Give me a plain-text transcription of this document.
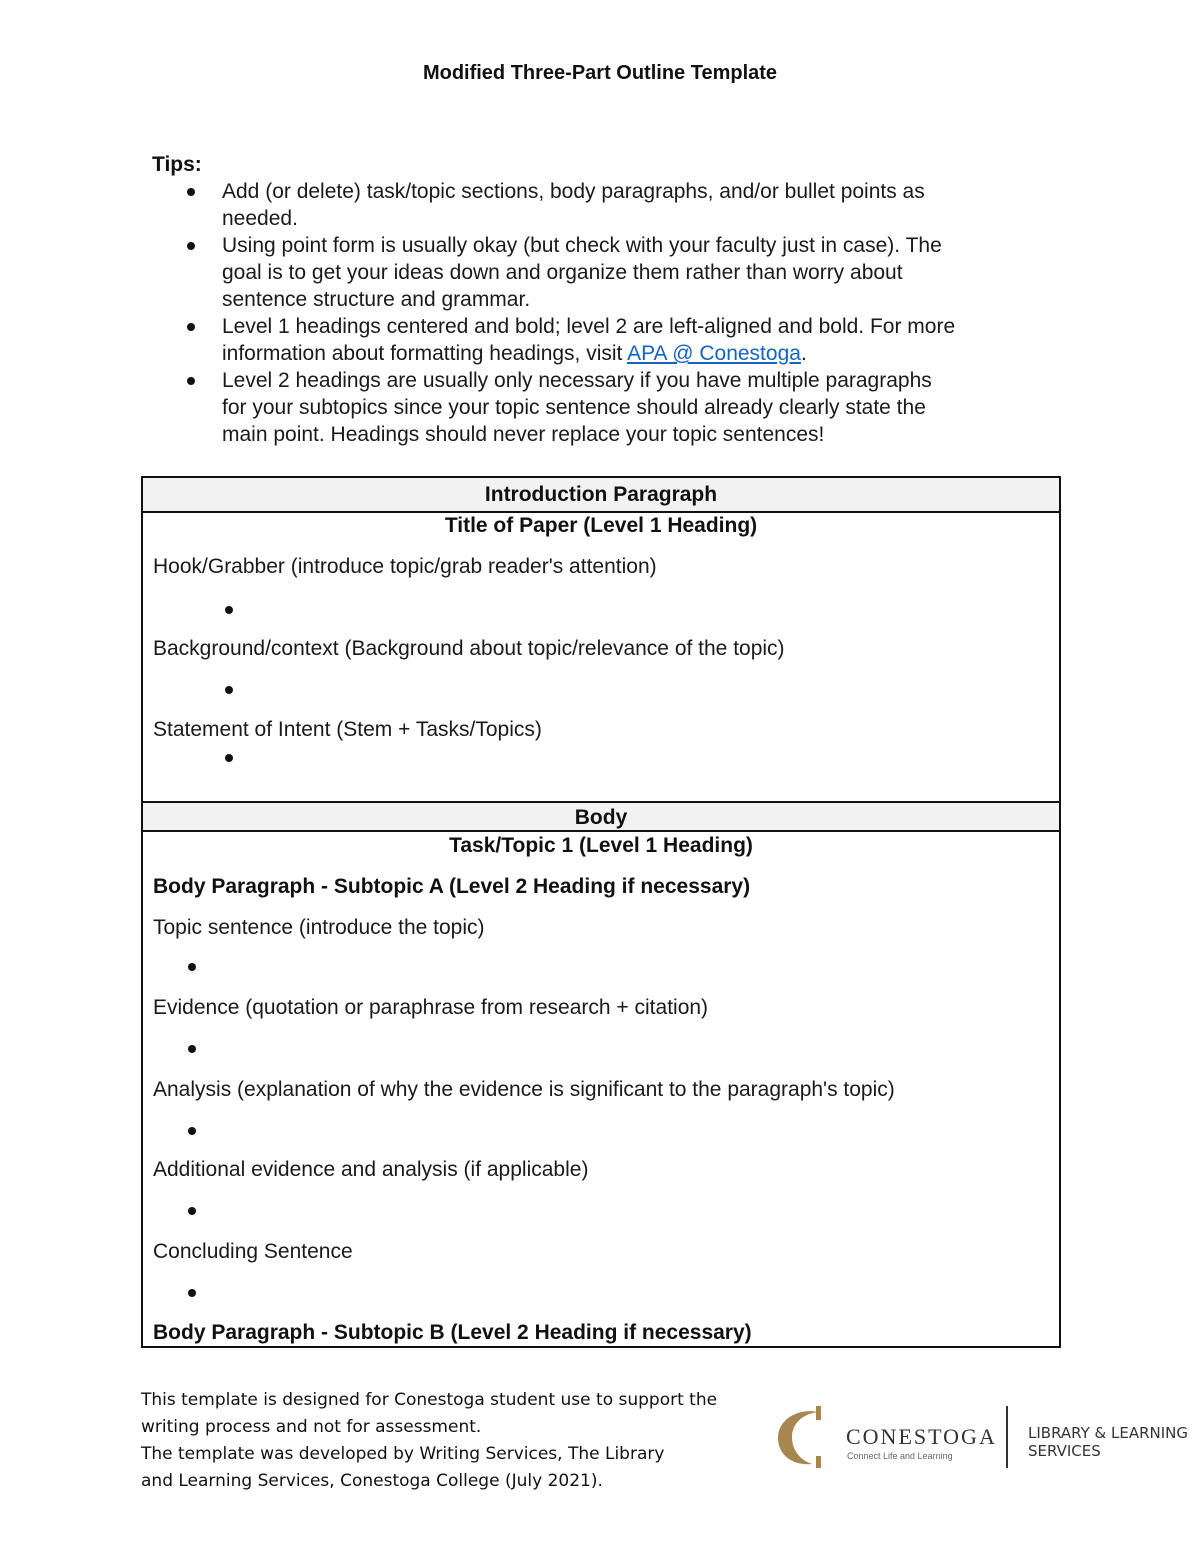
Modified Three-Part Outline Template
Tips:
Add (or delete) task/topic sections, body paragraphs, and/or bullet points as
needed.
Using point form is usually okay (but check with your faculty just in case). The
goal is to get your ideas down and organize them rather than worry about
sentence structure and grammar.
Level 1 headings centered and bold; level 2 are left-aligned and bold. For more
information about formatting headings, visit APA @ Conestoga.
Level 2 headings are usually only necessary if you have multiple paragraphs
for your subtopics since your topic sentence should already clearly state the
main point. Headings should never replace your topic sentences!
Introduction Paragraph
Title of Paper (Level 1 Heading)
Hook/Grabber (introduce topic/grab reader's attention)
Background/context (Background about topic/relevance of the topic)
Statement of Intent (Stem + Tasks/Topics)
Body
Task/Topic 1 (Level 1 Heading)
Body Paragraph - Subtopic A (Level 2 Heading if necessary)
Topic sentence (introduce the topic)
Evidence (quotation or paraphrase from research + citation)
Analysis (explanation of why the evidence is significant to the paragraph's topic)
Additional evidence and analysis (if applicable)
Concluding Sentence
Body Paragraph - Subtopic B (Level 2 Heading if necessary)
This template is designed for Conestoga student use to support the
writing process and not for assessment.
The template was developed by Writing Services, The Library
and Learning Services, Conestoga College (July 2021).
CONESTOGA
Connect Life and Learning
LIBRARY & LEARNING
SERVICES
